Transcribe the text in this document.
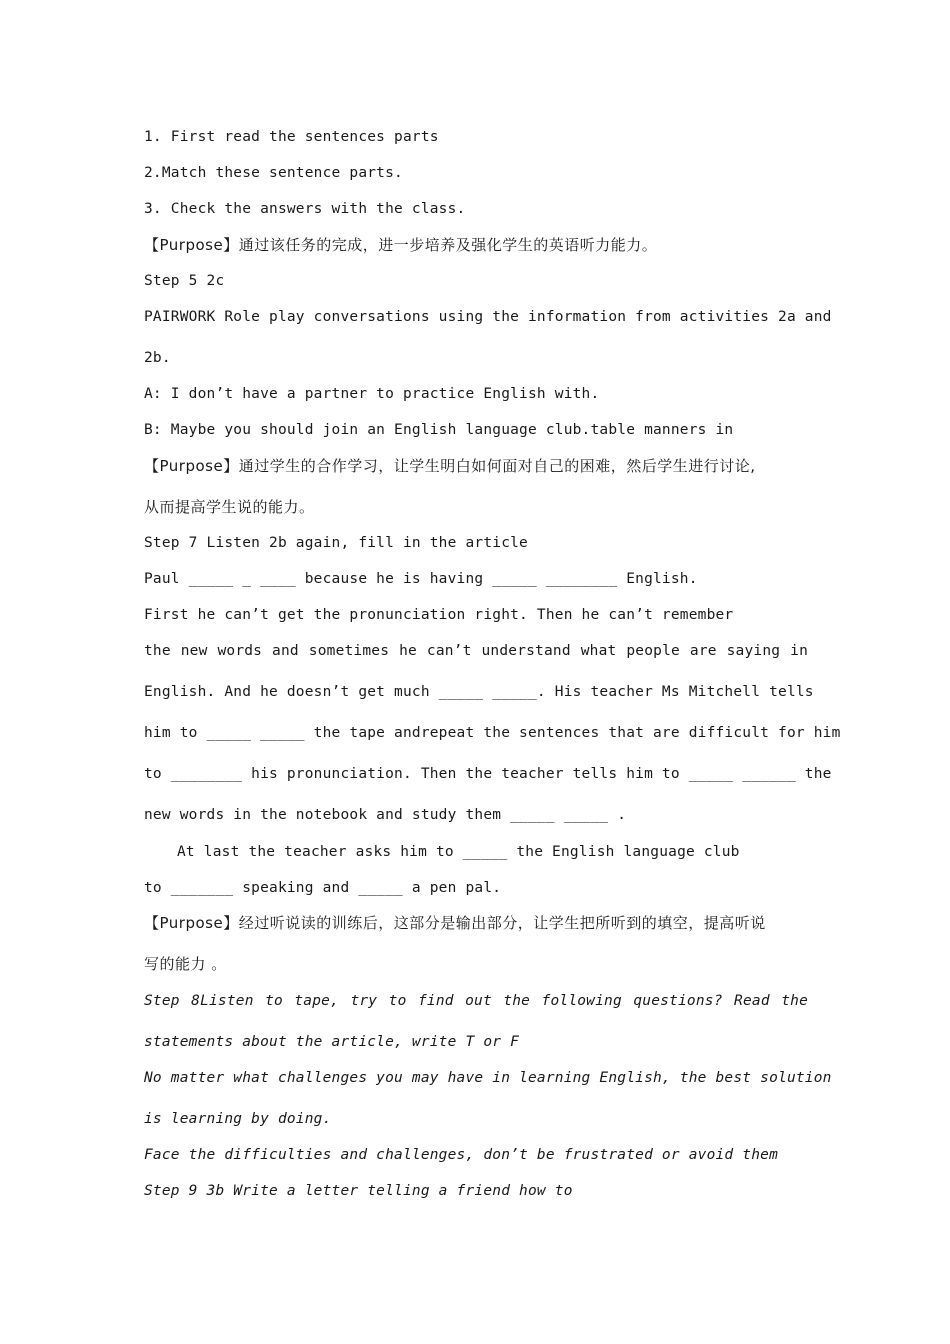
1. First read the sentences parts
2.Match these sentence parts.
3. Check the answers with the class.
【Purpose】通过该任务的完成，进一步培养及强化学生的英语听力能力。
Step 5 2c
PAIRWORK Role play conversations using the information from activities 2a and
2b.
A: I don’t have a partner to practice English with.
B: Maybe you should join an English language club.table manners in
【Purpose】通过学生的合作学习，让学生明白如何面对自己的困难，然后学生进行讨论,
从而提高学生说的能力。
Step 7 Listen 2b again, fill in the article
Paul _____ _ ____ because he is having _____ ________ English.
First he can’t get the pronunciation right. Then he can’t remember
the new words and sometimes he can’t understand what people are saying in
English. And he doesn’t get much _____ _____. His teacher Ms Mitchell tells
him to _____ _____ the tape andrepeat the sentences that are difficult for him
to ________ his pronunciation. Then the teacher tells him to _____ ______ the
new words in the notebook and study them _____ _____ .
At last the teacher asks him to _____ the English language club
to _______ speaking and _____ a pen pal.
【Purpose】经过听说读的训练后，这部分是输出部分，让学生把所听到的填空，提高听说
写的能力 。
Step 8Listen to tape, try to find out the following questions? Read the
statements about the article, write T or F
No matter what challenges you may have in learning English, the best solution
is learning by doing.
Face the difficulties and challenges, don’t be frustrated or avoid them
Step 9 3b Write a letter telling a friend how to
